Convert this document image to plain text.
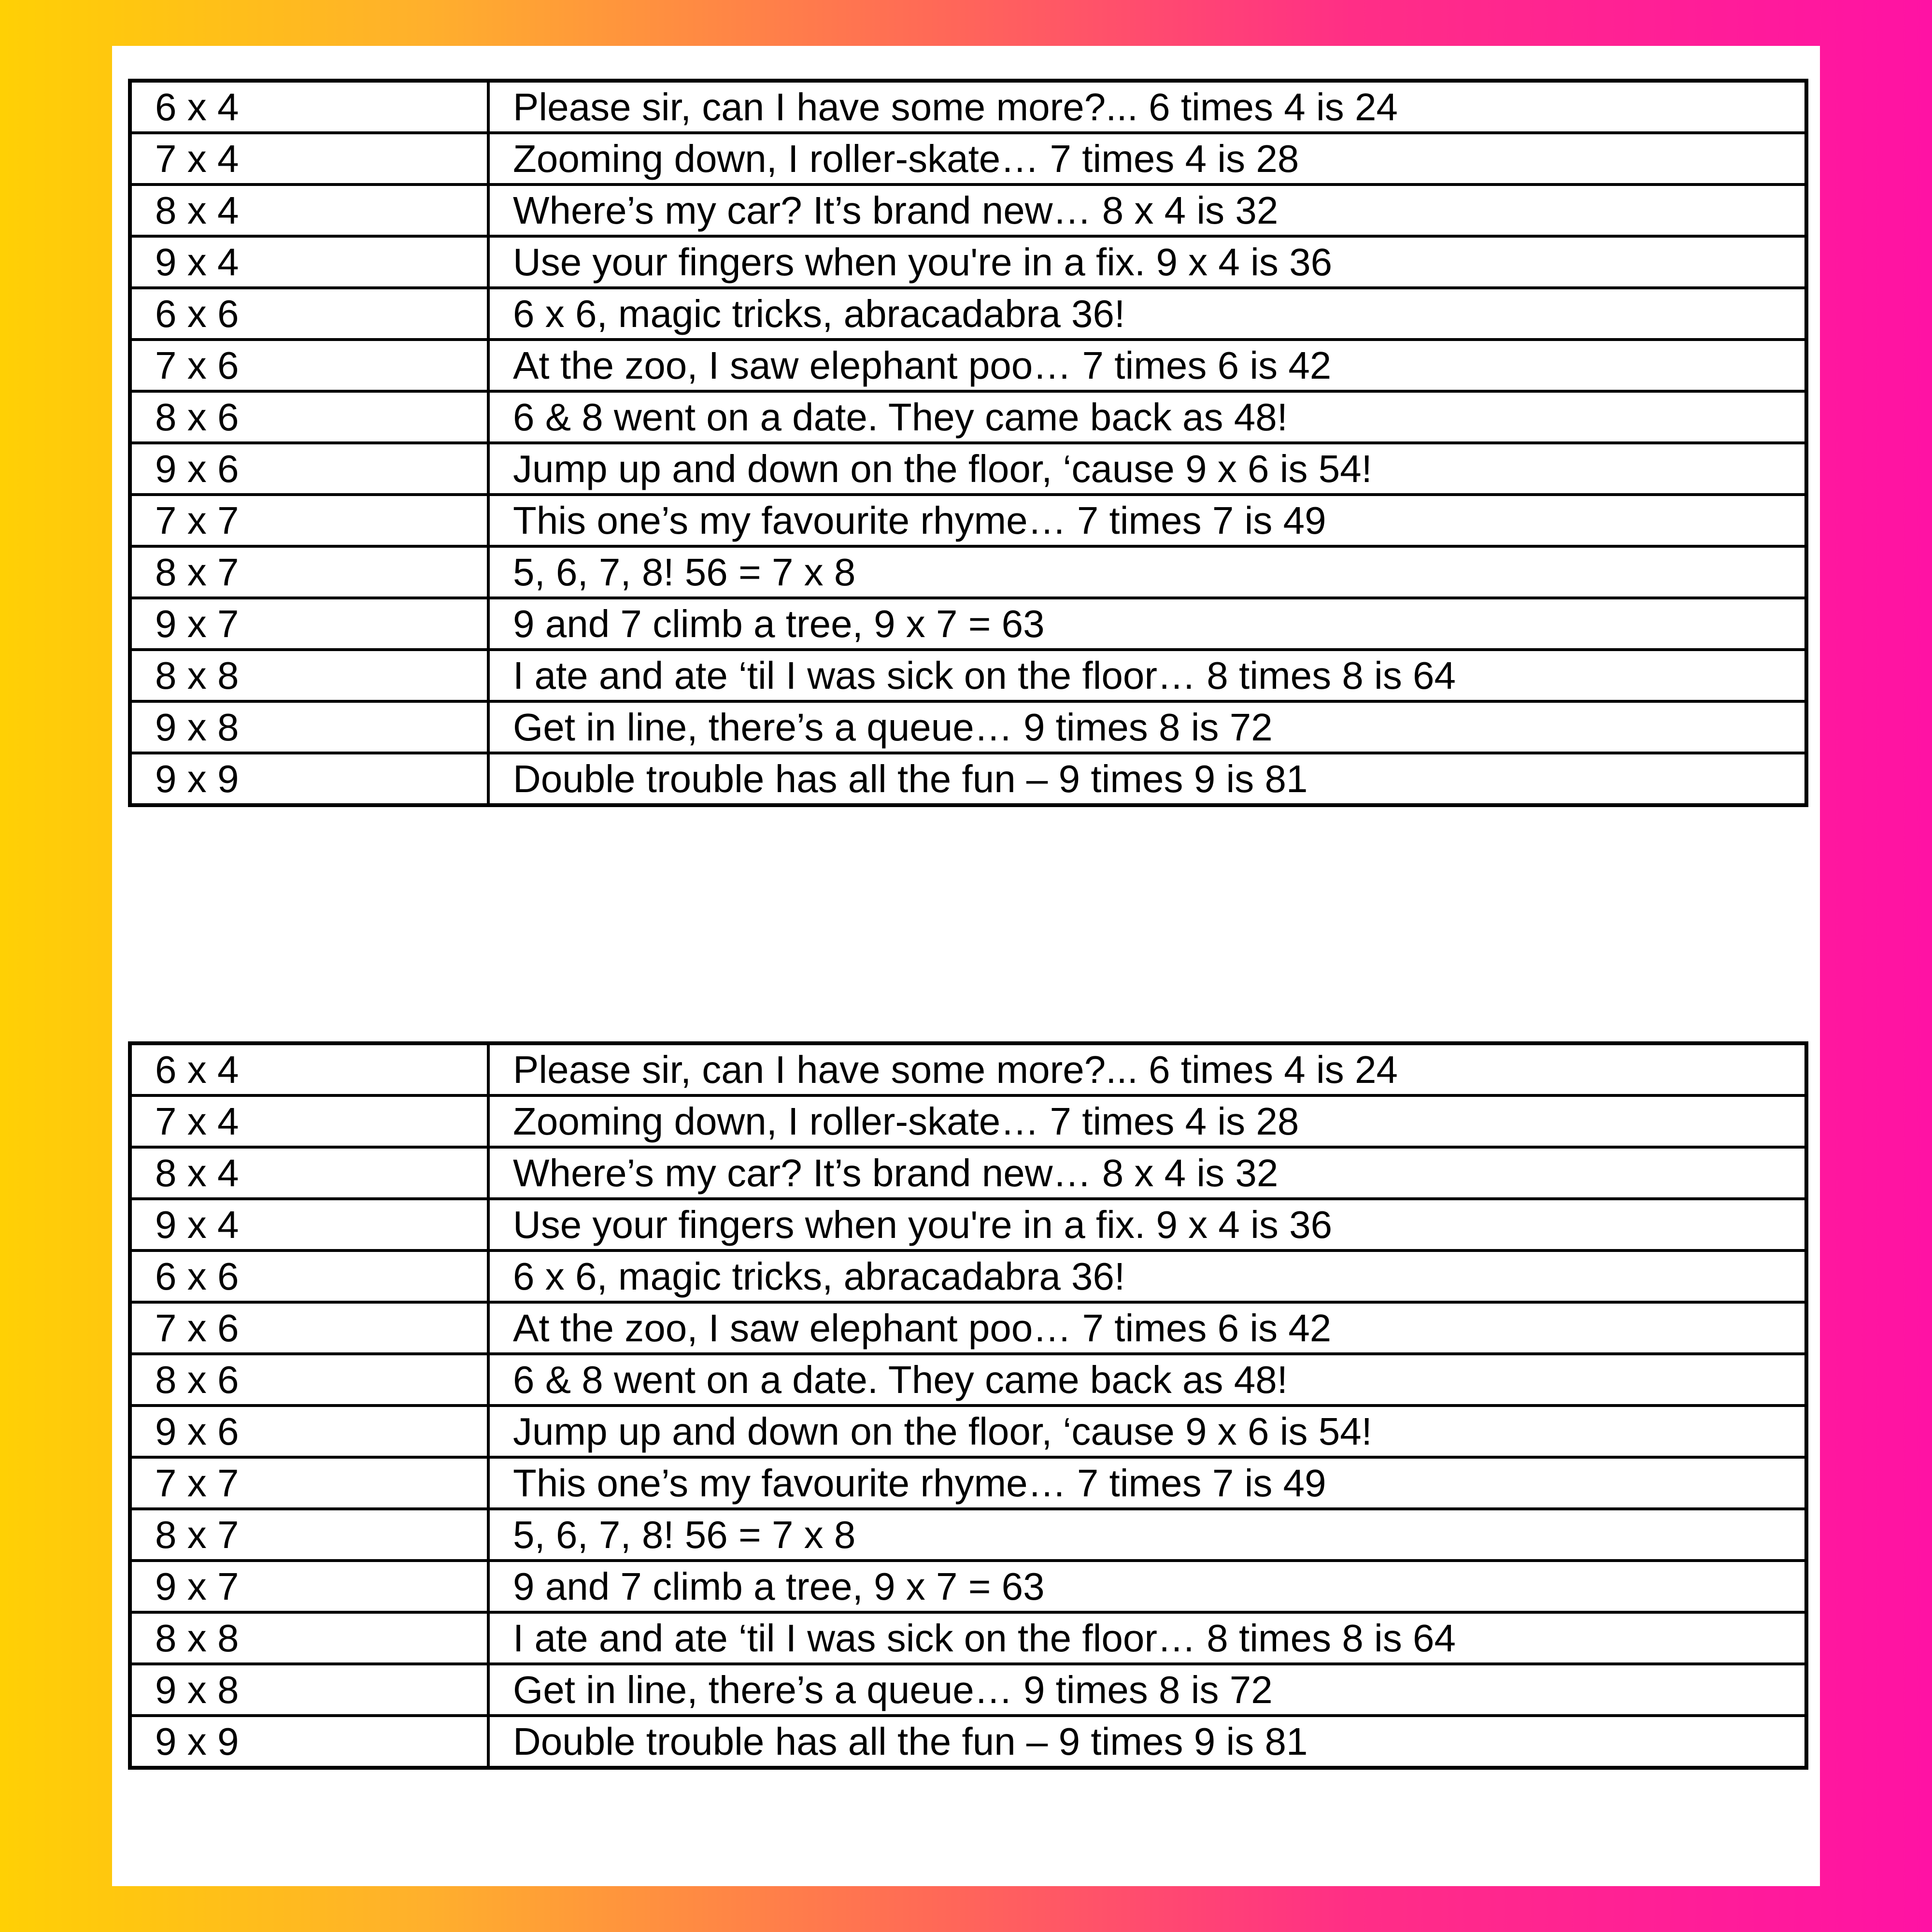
6 x 4	Please sir, can I have some more?... 6 times 4 is 24
7 x 4	Zooming down, I roller-skate… 7 times 4 is 28
8 x 4	Where’s my car? It’s brand new… 8 x 4 is 32
9 x 4	Use your fingers when you're in a fix. 9 x 4 is 36
6 x 6	6 x 6, magic tricks, abracadabra 36!
7 x 6	At the zoo, I saw elephant poo… 7 times 6 is 42
8 x 6	6 & 8 went on a date. They came back as 48!
9 x 6	Jump up and down on the floor, ‘cause 9 x 6 is 54!
7 x 7	This one’s my favourite rhyme… 7 times 7 is 49
8 x 7	5, 6, 7, 8! 56 = 7 x 8
9 x 7	9 and 7 climb a tree, 9 x 7 = 63
8 x 8	I ate and ate ‘til I was sick on the floor… 8 times 8 is 64
9 x 8	Get in line, there’s a queue… 9 times 8 is 72
9 x 9	Double trouble has all the fun – 9 times 9 is 81
6 x 4	Please sir, can I have some more?... 6 times 4 is 24
7 x 4	Zooming down, I roller-skate… 7 times 4 is 28
8 x 4	Where’s my car? It’s brand new… 8 x 4 is 32
9 x 4	Use your fingers when you're in a fix. 9 x 4 is 36
6 x 6	6 x 6, magic tricks, abracadabra 36!
7 x 6	At the zoo, I saw elephant poo… 7 times 6 is 42
8 x 6	6 & 8 went on a date. They came back as 48!
9 x 6	Jump up and down on the floor, ‘cause 9 x 6 is 54!
7 x 7	This one’s my favourite rhyme… 7 times 7 is 49
8 x 7	5, 6, 7, 8! 56 = 7 x 8
9 x 7	9 and 7 climb a tree, 9 x 7 = 63
8 x 8	I ate and ate ‘til I was sick on the floor… 8 times 8 is 64
9 x 8	Get in line, there’s a queue… 9 times 8 is 72
9 x 9	Double trouble has all the fun – 9 times 9 is 81
